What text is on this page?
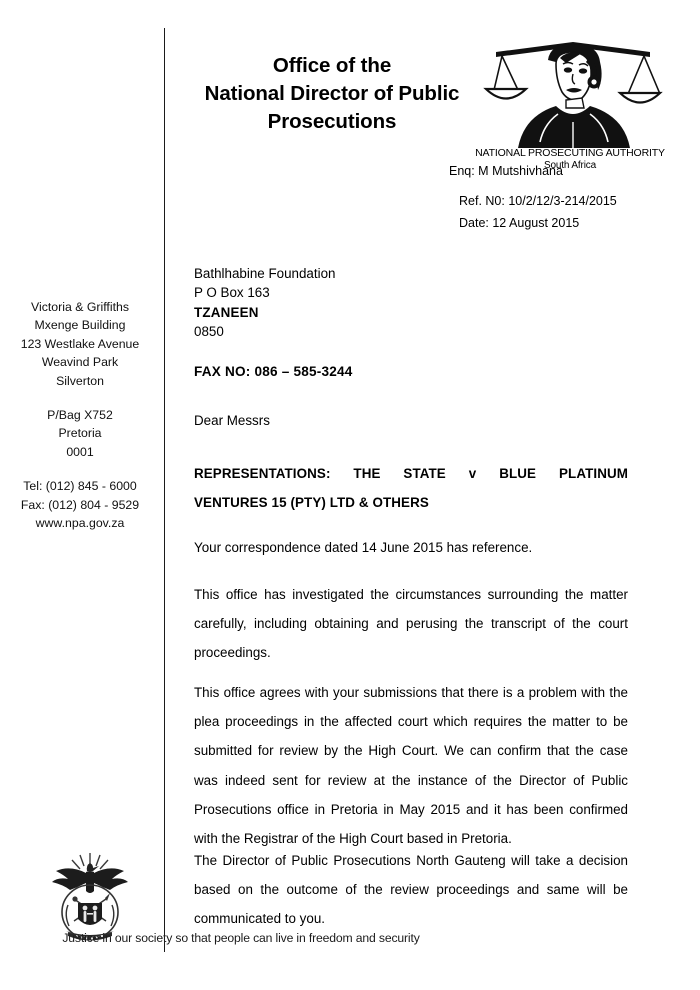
Office of the
National Director of Public
Prosecutions
NATIONAL PROSECUTING AUTHORITY
South Africa
Enq: M Mutshivhana
Ref. N0: 10/2/12/3-214/2015
Date: 12 August 2015
Victoria & Griffiths
Mxenge Building
123 Westlake Avenue
Weavind Park
Silverton
P/Bag X752
Pretoria
0001
Tel: (012) 845 - 6000
Fax: (012) 804 - 9529
www.npa.gov.za
Bathlhabine Foundation
P O Box 163
TZANEEN
0850
FAX NO: 086 – 585-3244
Dear Messrs
REPRESENTATIONS: THE STATE v BLUE PLATINUM
VENTURES 15 (PTY) LTD & OTHERS
Your correspondence dated 14 June 2015 has reference.
This office has investigated the circumstances surrounding the matter carefully, including obtaining and perusing the transcript of the court proceedings.
This office agrees with your submissions that there is a problem with the plea proceedings in the affected court which requires the matter to be submitted for review by the High Court. We can confirm that the case was indeed sent for review at the instance of the Director of Public Prosecutions office in Pretoria in May 2015 and it has been confirmed with the Registrar of the High Court based in Pretoria.
The Director of Public Prosecutions North Gauteng will take a decision based on the outcome of the review proceedings and same will be communicated to you.
Justice in our society so that people can live in freedom and security
